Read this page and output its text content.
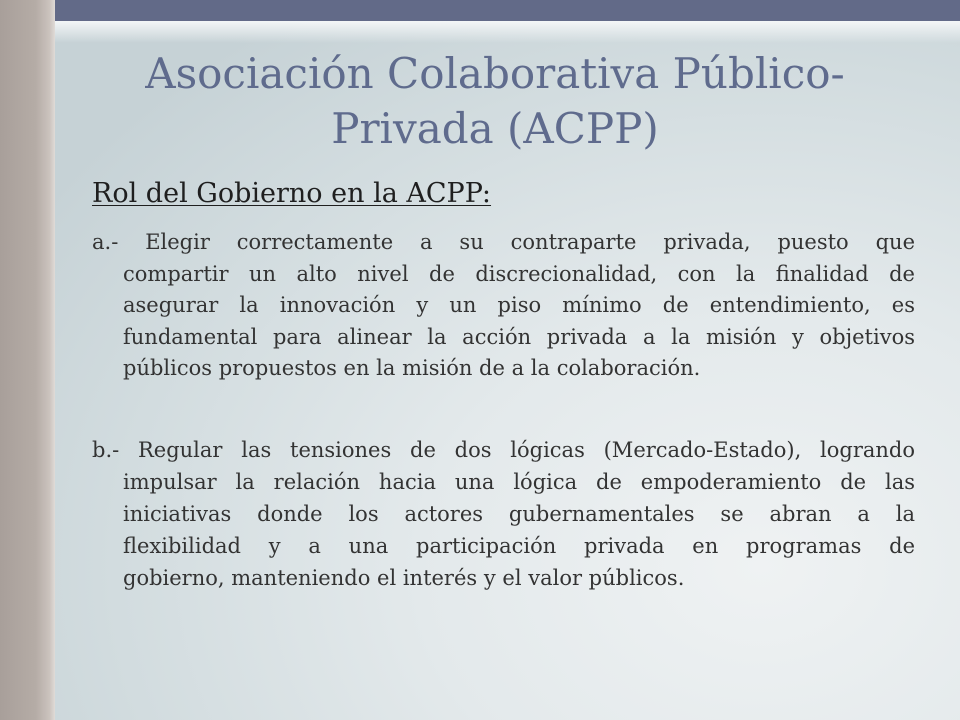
Asociación Colaborativa Público-
Privada (ACPP)
Rol del Gobierno en la ACPP:
a.- Elegir correctamente a su contraparte privada, puesto que
compartir un alto nivel de discrecionalidad, con la finalidad de
asegurar la innovación y un piso mínimo de entendimiento, es
fundamental para alinear la acción privada a la misión y objetivos
públicos propuestos en la misión de a la colaboración.
b.- Regular las tensiones de dos lógicas (Mercado-Estado), logrando
impulsar la relación hacia una lógica de empoderamiento de las
iniciativas donde los actores gubernamentales se abran a la
flexibilidad y a una participación privada en programas de
gobierno, manteniendo el interés y el valor públicos.
